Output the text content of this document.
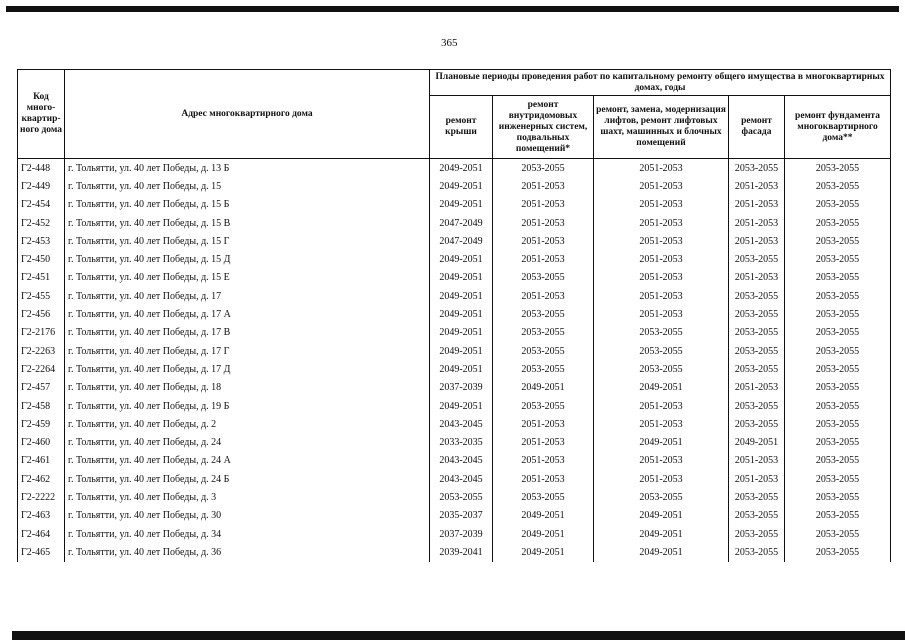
365
Код много-квартир-ного дома	Адрес многоквартирного дома	Плановые периоды проведения работ по капитальному ремонту общего имущества в многоквартирных домах, годы				
		ремонт крыши	ремонт внутридомовых инженерных систем, подвальных помещений*	ремонт, замена, модернизация лифтов, ремонт лифтовых шахт, машинных и блочных помещений	ремонт фасада	ремонт фундамента многоквартирного дома**
Г2-448	г. Тольятти, ул. 40 лет Победы, д. 13 Б	2049-2051	2053-2055	2051-2053	2053-2055	2053-2055
Г2-449	г. Тольятти, ул. 40 лет Победы, д. 15	2049-2051	2051-2053	2051-2053	2051-2053	2053-2055
Г2-454	г. Тольятти, ул. 40 лет Победы, д. 15 Б	2049-2051	2051-2053	2051-2053	2051-2053	2053-2055
Г2-452	г. Тольятти, ул. 40 лет Победы, д. 15 В	2047-2049	2051-2053	2051-2053	2051-2053	2053-2055
Г2-453	г. Тольятти, ул. 40 лет Победы, д. 15 Г	2047-2049	2051-2053	2051-2053	2051-2053	2053-2055
Г2-450	г. Тольятти, ул. 40 лет Победы, д. 15 Д	2049-2051	2051-2053	2051-2053	2053-2055	2053-2055
Г2-451	г. Тольятти, ул. 40 лет Победы, д. 15 Е	2049-2051	2053-2055	2051-2053	2051-2053	2053-2055
Г2-455	г. Тольятти, ул. 40 лет Победы, д. 17	2049-2051	2051-2053	2051-2053	2053-2055	2053-2055
Г2-456	г. Тольятти, ул. 40 лет Победы, д. 17 А	2049-2051	2053-2055	2051-2053	2053-2055	2053-2055
Г2-2176	г. Тольятти, ул. 40 лет Победы, д. 17 В	2049-2051	2053-2055	2053-2055	2053-2055	2053-2055
Г2-2263	г. Тольятти, ул. 40 лет Победы, д. 17 Г	2049-2051	2053-2055	2053-2055	2053-2055	2053-2055
Г2-2264	г. Тольятти, ул. 40 лет Победы, д. 17 Д	2049-2051	2053-2055	2053-2055	2053-2055	2053-2055
Г2-457	г. Тольятти, ул. 40 лет Победы, д. 18	2037-2039	2049-2051	2049-2051	2051-2053	2053-2055
Г2-458	г. Тольятти, ул. 40 лет Победы, д. 19 Б	2049-2051	2053-2055	2051-2053	2053-2055	2053-2055
Г2-459	г. Тольятти, ул. 40 лет Победы, д. 2	2043-2045	2051-2053	2051-2053	2053-2055	2053-2055
Г2-460	г. Тольятти, ул. 40 лет Победы, д. 24	2033-2035	2051-2053	2049-2051	2049-2051	2053-2055
Г2-461	г. Тольятти, ул. 40 лет Победы, д. 24 А	2043-2045	2051-2053	2051-2053	2051-2053	2053-2055
Г2-462	г. Тольятти, ул. 40 лет Победы, д. 24 Б	2043-2045	2051-2053	2051-2053	2051-2053	2053-2055
Г2-2222	г. Тольятти, ул. 40 лет Победы, д. 3	2053-2055	2053-2055	2053-2055	2053-2055	2053-2055
Г2-463	г. Тольятти, ул. 40 лет Победы, д. 30	2035-2037	2049-2051	2049-2051	2053-2055	2053-2055
Г2-464	г. Тольятти, ул. 40 лет Победы, д. 34	2037-2039	2049-2051	2049-2051	2053-2055	2053-2055
Г2-465	г. Тольятти, ул. 40 лет Победы, д. 36	2039-2041	2049-2051	2049-2051	2053-2055	2053-2055
